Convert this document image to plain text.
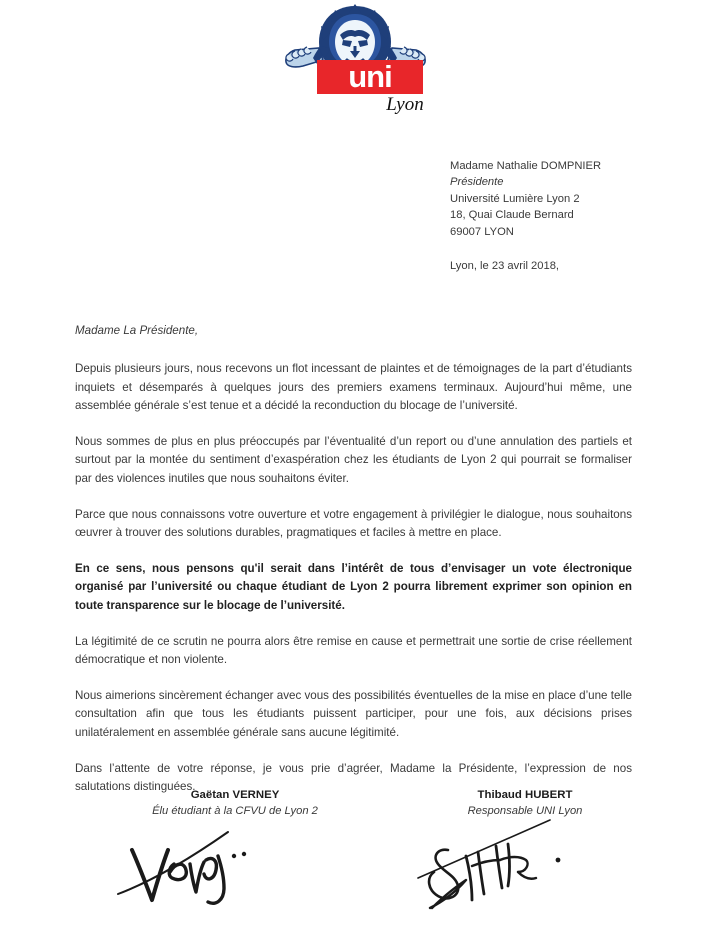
uni
Lyon
Madame Nathalie DOMPNIER
Présidente
Université Lumière Lyon 2
18, Quai Claude Bernard
69007 LYON
Lyon, le 23 avril 2018,
Madame La Présidente,

Depuis plusieurs jours, nous recevons un flot incessant de plaintes et de témoignages de la part d’étudiants inquiets et désemparés à quelques jours des premiers examens terminaux. Aujourd’hui même, une assemblée générale s’est tenue et a décidé la reconduction du blocage de l’université.

Nous sommes de plus en plus préoccupés par l’éventualité d’un report ou d’une annulation des partiels et surtout par la montée du sentiment d’exaspération chez les étudiants de Lyon 2 qui pourrait se formaliser par des violences inutiles que nous souhaitons éviter.

Parce que nous connaissons votre ouverture et votre engagement à privilégier le dialogue, nous souhaitons œuvrer à trouver des solutions durables, pragmatiques et faciles à mettre en place.

En ce sens, nous pensons qu'il serait dans l’intérêt de tous d’envisager un vote électronique organisé par l’université ou chaque étudiant de Lyon 2 pourra librement exprimer son opinion en toute transparence sur le blocage de l’université.

La légitimité de ce scrutin ne pourra alors être remise en cause et permettrait une sortie de crise réellement démocratique et non violente.

Nous aimerions sincèrement échanger avec vous des possibilités éventuelles de la mise en place d’une telle consultation afin que tous les étudiants puissent participer, pour une fois, aux décisions prises unilatéralement en assemblée générale sans aucune légitimité.

Dans l’attente de votre réponse, je vous prie d’agréer, Madame la Présidente, l’expression de nos salutations distinguées.

Gaëtan VERNEY
Élu étudiant à la CFVU de Lyon 2
Thibaud HUBERT
Responsable UNI Lyon
